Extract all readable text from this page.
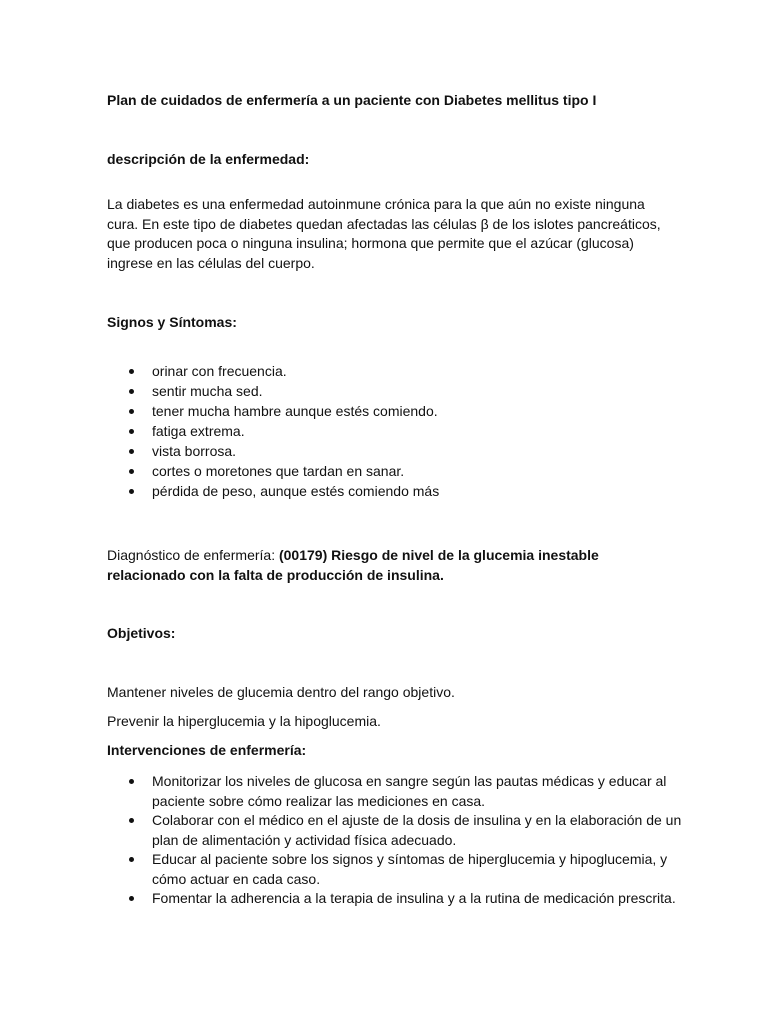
Plan de cuidados de enfermería a un paciente con Diabetes mellitus tipo I
descripción de la enfermedad:

La diabetes es una enfermedad autoinmune crónica para la que aún no existe ninguna cura. En este tipo de diabetes quedan afectadas las células β de los islotes pancreáticos, que producen poca o ninguna insulina; hormona que permite que el azúcar (glucosa) ingrese en las células del cuerpo.

Signos y Síntomas:
orinar con frecuencia.
sentir mucha sed.
tener mucha hambre aunque estés comiendo.
fatiga extrema.
vista borrosa.
cortes o moretones que tardan en sanar.
pérdida de peso, aunque estés comiendo más

Diagnóstico de enfermería: (00179) Riesgo de nivel de la glucemia inestable relacionado con la falta de producción de insulina.

Objetivos:

Mantener niveles de glucemia dentro del rango objetivo.

Prevenir la hiperglucemia y la hipoglucemia.

Intervenciones de enfermería:
Monitorizar los niveles de glucosa en sangre según las pautas médicas y educar al paciente sobre cómo realizar las mediciones en casa.
Colaborar con el médico en el ajuste de la dosis de insulina y en la elaboración de un plan de alimentación y actividad física adecuado.
Educar al paciente sobre los signos y síntomas de hiperglucemia y hipoglucemia, y cómo actuar en cada caso.
Fomentar la adherencia a la terapia de insulina y a la rutina de medicación prescrita.
